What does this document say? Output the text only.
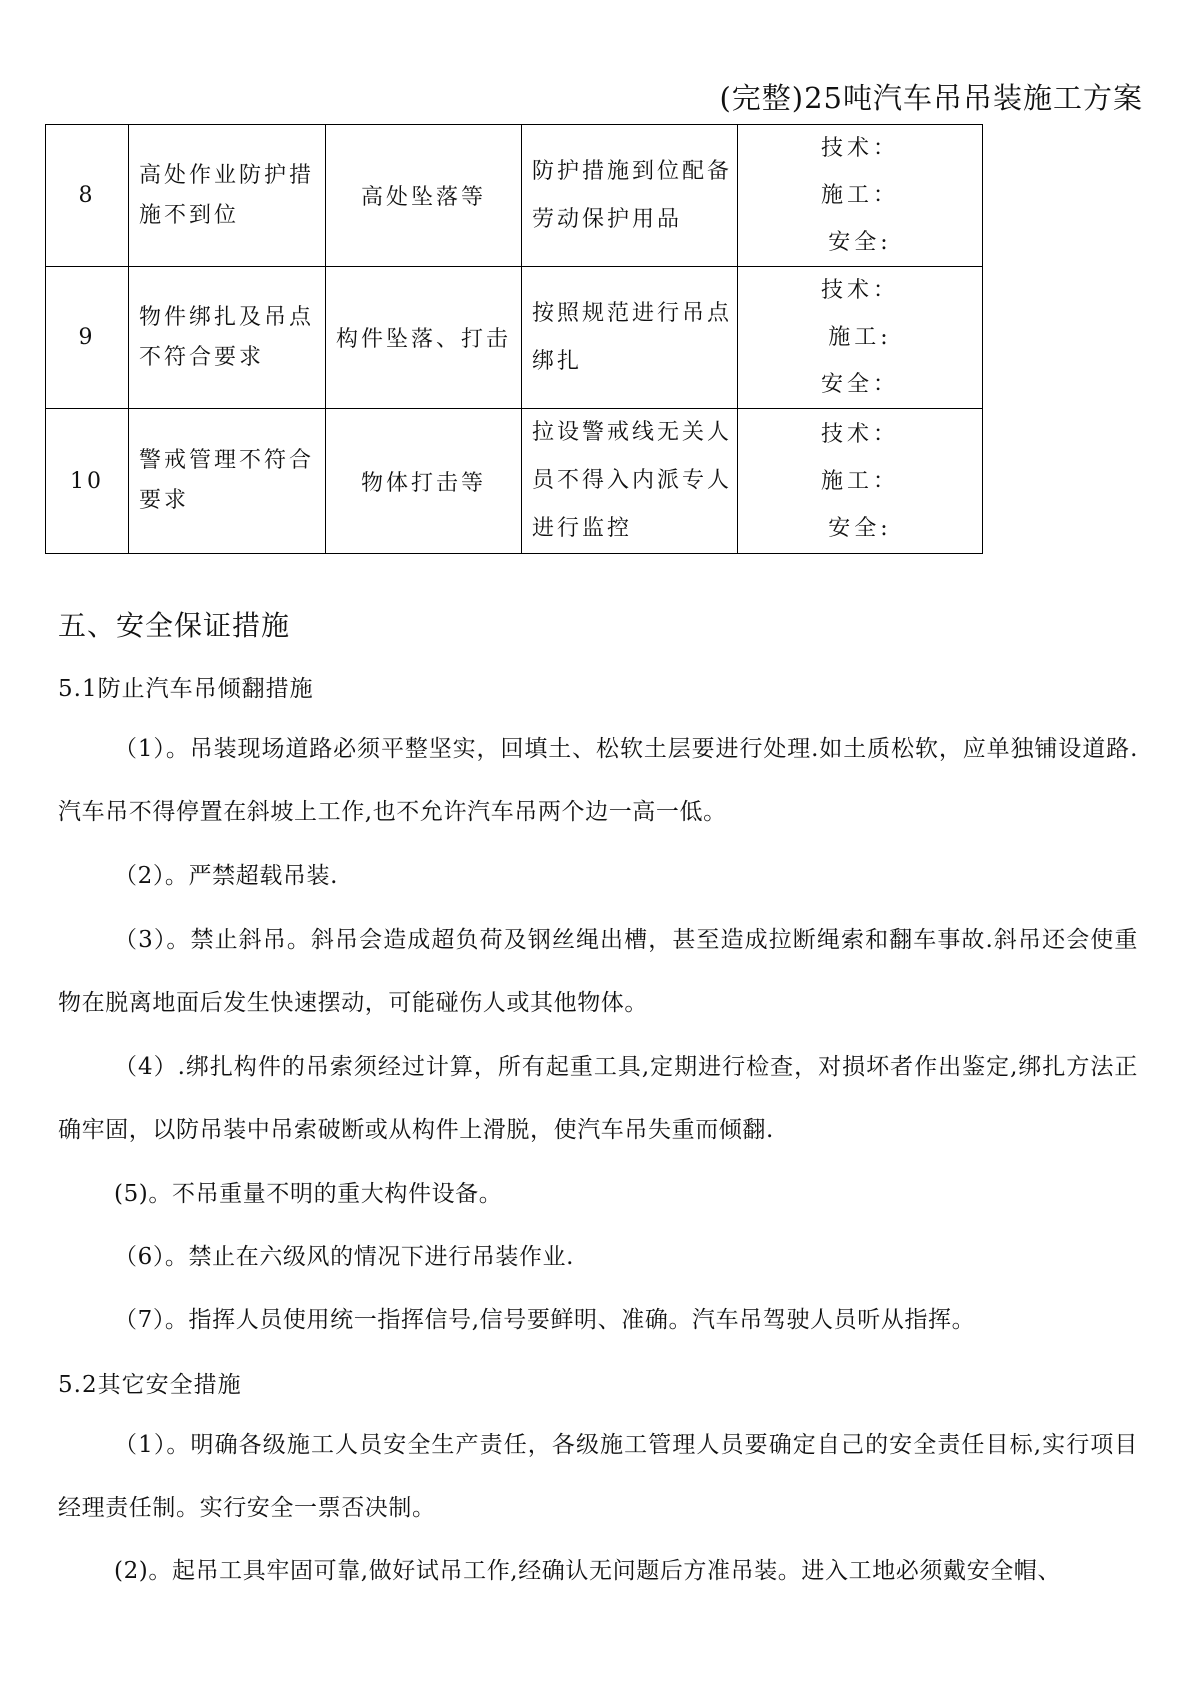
(完整)25吨汽车吊吊装施工方案
8	高处作业防护措施不到位	高处坠落等	防护措施到位配备劳动保护用品	技术：
施工：
安全:

9	物件绑扎及吊点不符合要求	构件坠落、打击	按照规范进行吊点绑扎	技术：
施工:
安全：

10	警戒管理不符合要求	物体打击等	拉设警戒线无关人员不得入内派专人进行监控	技术：
施工：
安全:
五、安全保证措施
5.1防止汽车吊倾翻措施
（1）。吊装现场道路必须平整坚实，回填土、松软土层要进行处理.如土质松软，应单独铺设道路.汽车吊不得停置在斜坡上工作,也不允许汽车吊两个边一高一低。
（2）。严禁超载吊装.
（3）。禁止斜吊。斜吊会造成超负荷及钢丝绳出槽，甚至造成拉断绳索和翻车事故.斜吊还会使重物在脱离地面后发生快速摆动，可能碰伤人或其他物体。
（4）.绑扎构件的吊索须经过计算，所有起重工具,定期进行检查，对损坏者作出鉴定,绑扎方法正确牢固，以防吊装中吊索破断或从构件上滑脱，使汽车吊失重而倾翻.
(5)。不吊重量不明的重大构件设备。
（6）。禁止在六级风的情况下进行吊装作业.
（7）。指挥人员使用统一指挥信号,信号要鲜明、准确。汽车吊驾驶人员听从指挥。
5.2其它安全措施
（1）。明确各级施工人员安全生产责任，各级施工管理人员要确定自己的安全责任目标,实行项目经理责任制。实行安全一票否决制。
(2)。起吊工具牢固可靠,做好试吊工作,经确认无问题后方准吊装。进入工地必须戴安全帽、
